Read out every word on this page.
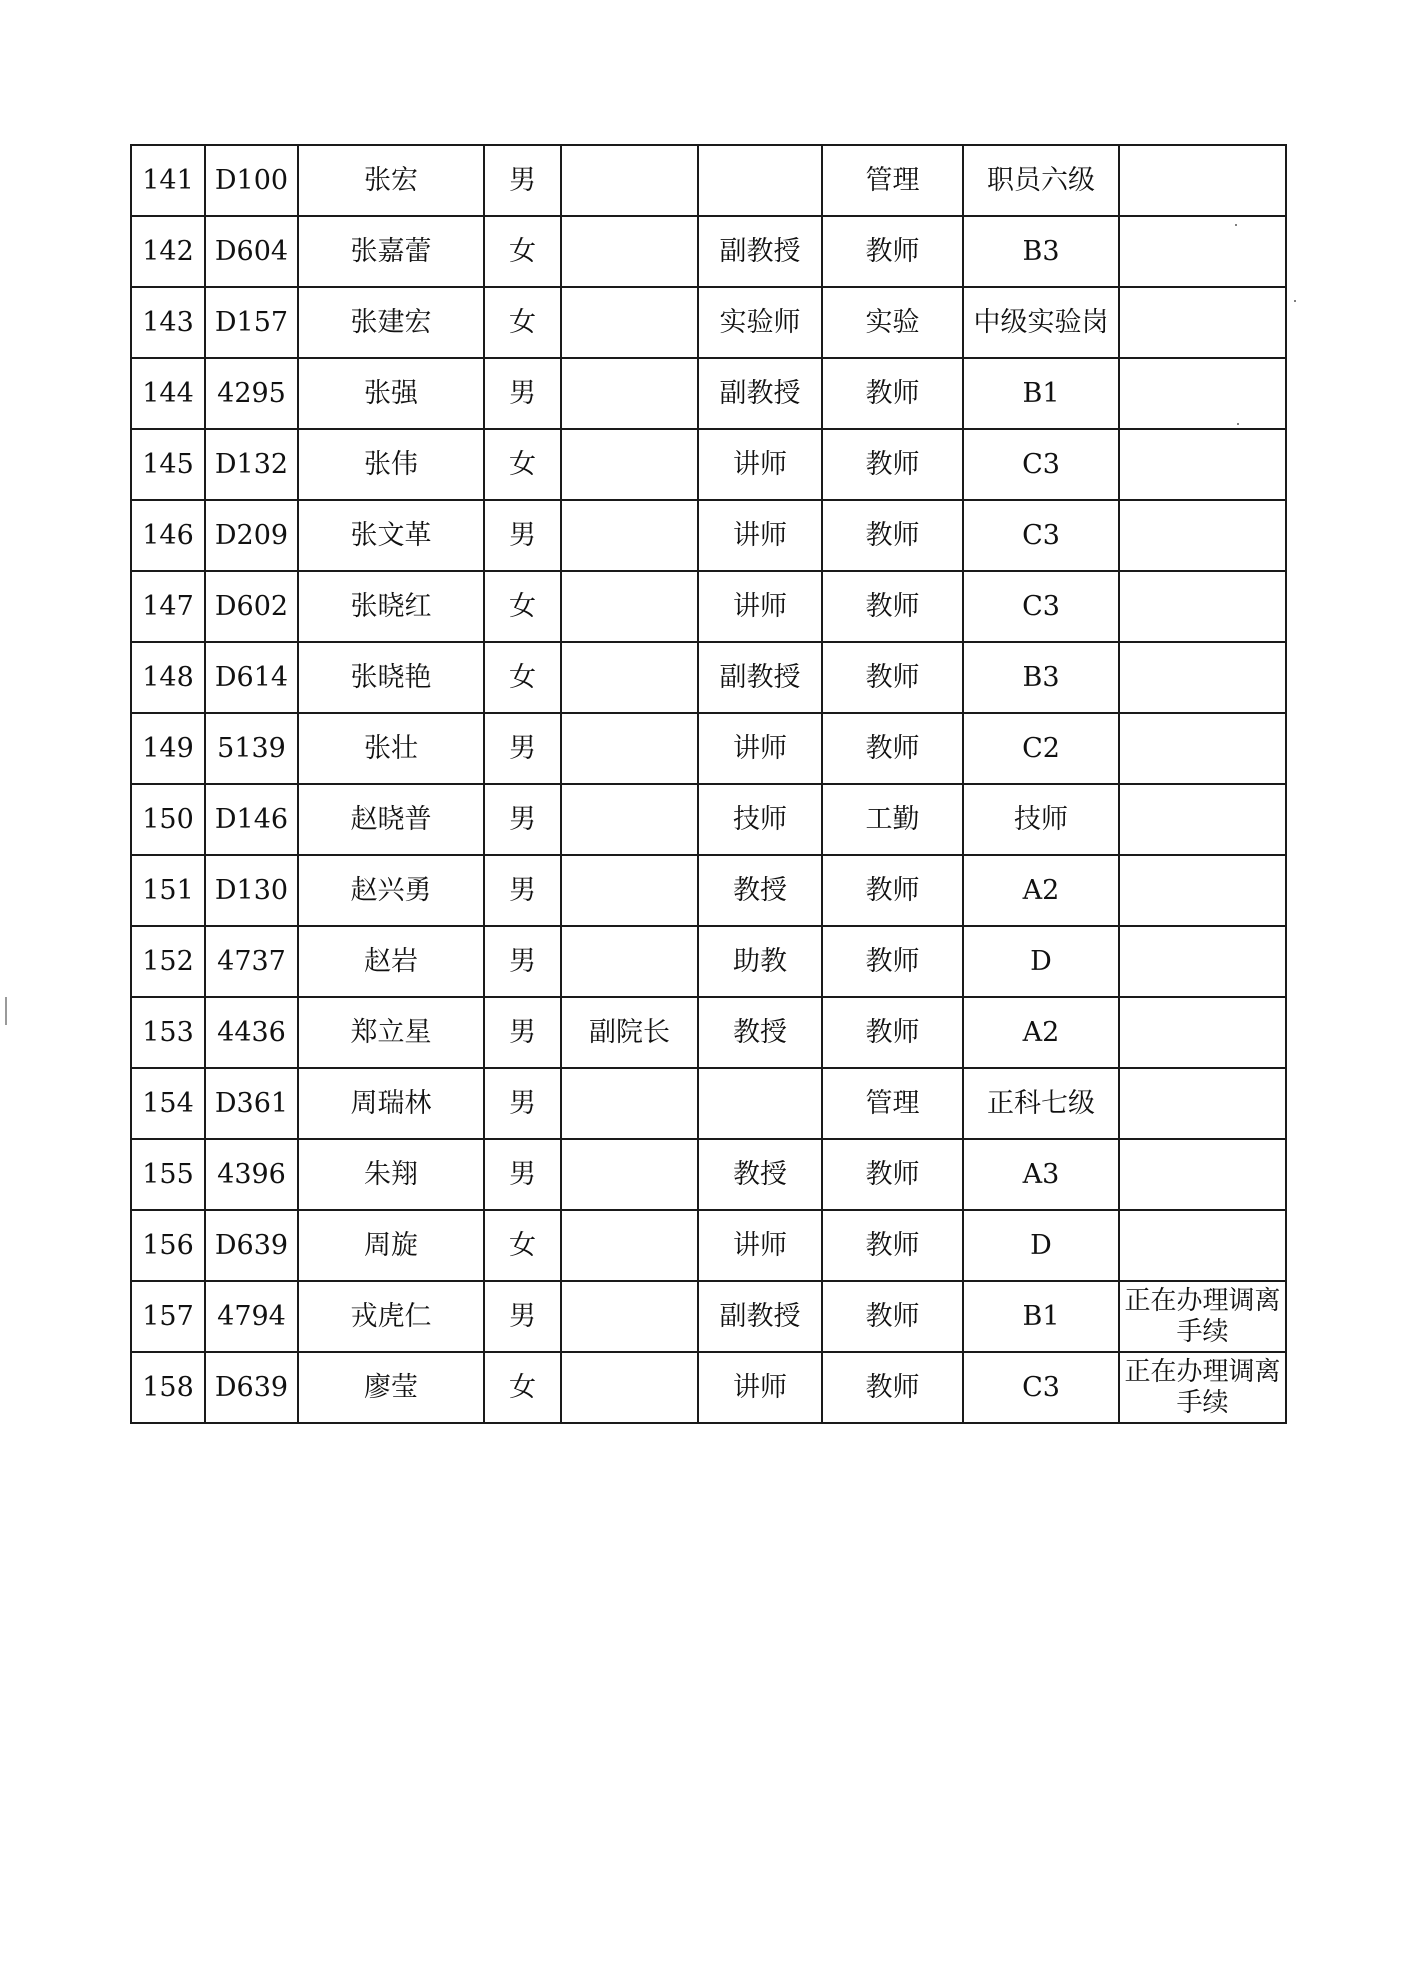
141	D100	张宏	男			管理	职员六级	
142	D604	张嘉蕾	女		副教授	教师	B3	
143	D157	张建宏	女		实验师	实验	中级实验岗	
144	4295	张强	男		副教授	教师	B1	
145	D132	张伟	女		讲师	教师	C3	
146	D209	张文革	男		讲师	教师	C3	
147	D602	张晓红	女		讲师	教师	C3	
148	D614	张晓艳	女		副教授	教师	B3	
149	5139	张壮	男		讲师	教师	C2	
150	D146	赵晓普	男		技师	工勤	技师	
151	D130	赵兴勇	男		教授	教师	A2	
152	4737	赵岩	男		助教	教师	D	
153	4436	郑立星	男	副院长	教授	教师	A2	
154	D361	周瑞林	男			管理	正科七级	
155	4396	朱翔	男		教授	教师	A3	
156	D639	周旋	女		讲师	教师	D	
157	4794	戎虎仁	男		副教授	教师	B1	正在办理调离手续
158	D639	廖莹	女		讲师	教师	C3	正在办理调离手续
